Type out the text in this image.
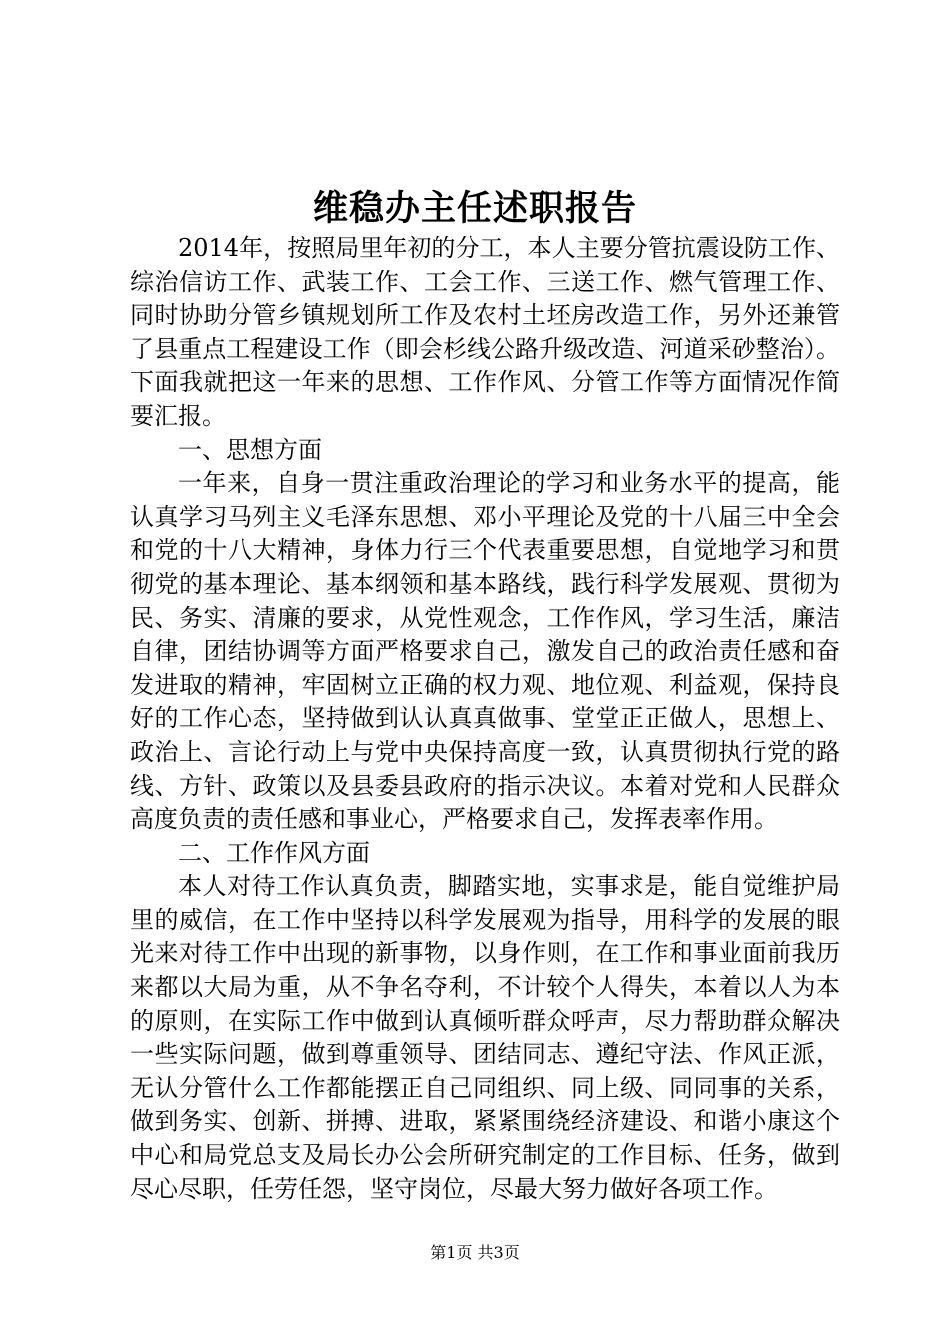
维稳办主任述职报告

2014年，按照局里年初的分工，本人主要分管抗震设防工作、综治信访工作、武装工作、工会工作、三送工作、燃气管理工作、同时协助分管乡镇规划所工作及农村土坯房改造工作，另外还兼管了县重点工程建设工作（即会杉线公路升级改造、河道采砂整治）。下面我就把这一年来的思想、工作作风、分管工作等方面情况作简要汇报。

一、思想方面

一年来，自身一贯注重政治理论的学习和业务水平的提高，能认真学习马列主义毛泽东思想、邓小平理论及党的十八届三中全会和党的十八大精神，身体力行三个代表重要思想，自觉地学习和贯彻党的基本理论、基本纲领和基本路线，践行科学发展观、贯彻为民、务实、清廉的要求，从党性观念，工作作风，学习生活，廉洁自律，团结协调等方面严格要求自己，激发自己的政治责任感和奋发进取的精神，牢固树立正确的权力观、地位观、利益观，保持良好的工作心态，坚持做到认认真真做事、堂堂正正做人，思想上、政治上、言论行动上与党中央保持高度一致，认真贯彻执行党的路线、方针、政策以及县委县政府的指示决议。本着对党和人民群众高度负责的责任感和事业心，严格要求自己，发挥表率作用。

二、工作作风方面

本人对待工作认真负责，脚踏实地，实事求是，能自觉维护局里的威信，在工作中坚持以科学发展观为指导，用科学的发展的眼光来对待工作中出现的新事物，以身作则，在工作和事业面前我历来都以大局为重，从不争名夺利，不计较个人得失，本着以人为本的原则，在实际工作中做到认真倾听群众呼声，尽力帮助群众解决一些实际问题，做到尊重领导、团结同志、遵纪守法、作风正派，无认分管什么工作都能摆正自己同组织、同上级、同同事的关系，做到务实、创新、拼搏、进取，紧紧围绕经济建设、和谐小康这个中心和局党总支及局长办公会所研究制定的工作目标、任务，做到尽心尽职，任劳任怨，坚守岗位，尽最大努力做好各项工作。

第1页 共3页
